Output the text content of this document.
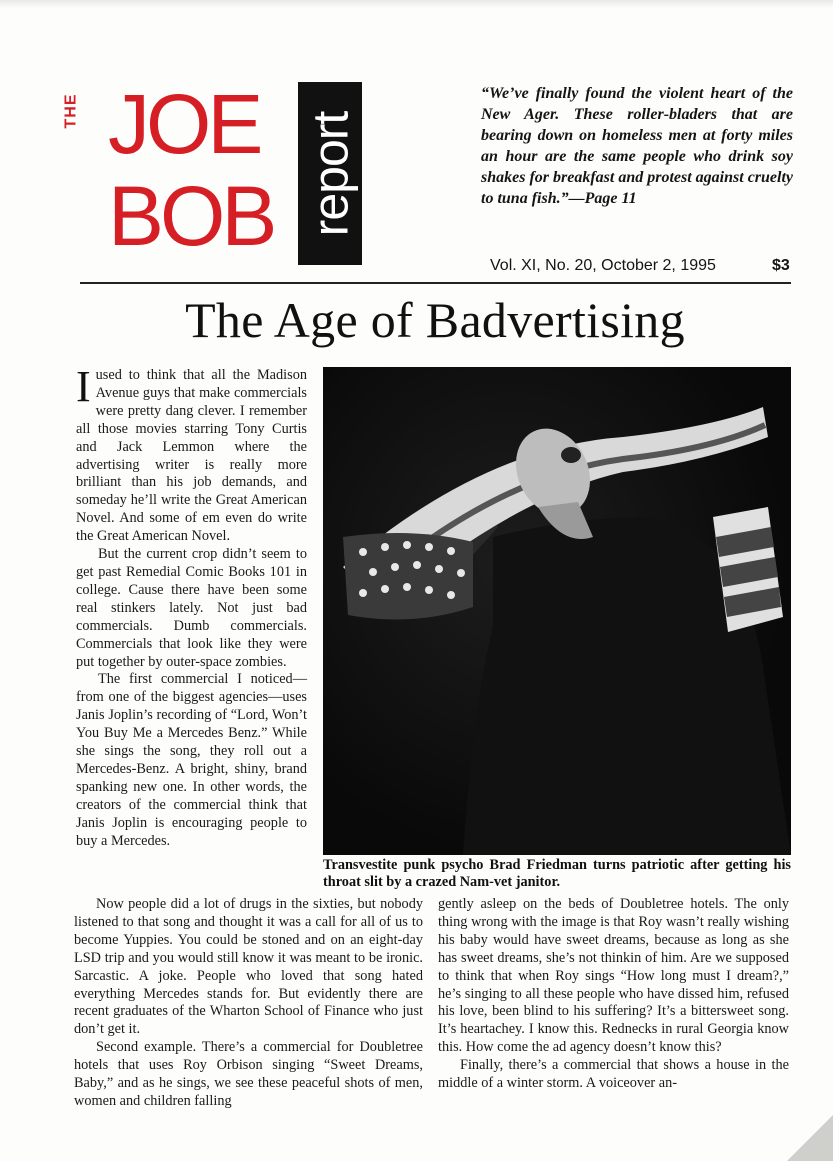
THE JOE
BOB report
“We’ve finally found the violent heart of the New Ager. These roller-bladers that are bearing down on homeless men at forty miles an hour are the same people who drink soy shakes for breakfast and protest against cruelty to tuna fish.”—Page 11
Vol. XI, No. 20, October 2, 1995	$3
The Age of Badvertising

Iused to think that all the Madison Avenue guys that make commercials were pretty dang clever. I remember all those movies starring Tony Curtis and Jack Lemmon where the advertising writer is really more brilliant than his job demands, and someday he’ll write the Great American Novel. And some of em even do write the Great American Novel.

But the current crop didn’t seem to get past Remedial Comic Books 101 in college. Cause there have been some real stinkers lately. Not just bad commercials. Dumb commercials. Commercials that look like they were put together by outer-space zombies.

The first commercial I noticed—from one of the biggest agencies—uses Janis Joplin’s recording of “Lord, Won’t You Buy Me a Mercedes Benz.” While she sings the song, they roll out a Mercedes-Benz. A bright, shiny, brand spanking new one. In other words, the creators of the commercial think that Janis Joplin is encouraging people to buy a Mercedes.

Transvestite punk psycho Brad Friedman turns patriotic after getting his throat slit by a crazed Nam-vet janitor.

Now people did a lot of drugs in the sixties, but nobody listened to that song and thought it was a call for all of us to become Yuppies. You could be stoned and on an eight-day LSD trip and you would still know it was meant to be ironic. Sarcastic. A joke. People who loved that song hated everything Mercedes stands for. But evidently there are recent graduates of the Wharton School of Finance who just don’t get it.

Second example. There’s a commercial for Doubletree hotels that uses Roy Orbison singing “Sweet Dreams, Baby,” and as he sings, we see these peaceful shots of men, women and children falling

gently asleep on the beds of Doubletree hotels. The only thing wrong with the image is that Roy wasn’t really wishing his baby would have sweet dreams, because as long as she has sweet dreams, she’s not thinkin of him. Are we supposed to think that when Roy sings “How long must I dream?,” he’s singing to all these people who have dissed him, refused his love, been blind to his suffering? It’s a bittersweet song. It’s heartachey. I know this. Rednecks in rural Georgia know this. How come the ad agency doesn’t know this?

Finally, there’s a commercial that shows a house in the middle of a winter storm. A voiceover an-
